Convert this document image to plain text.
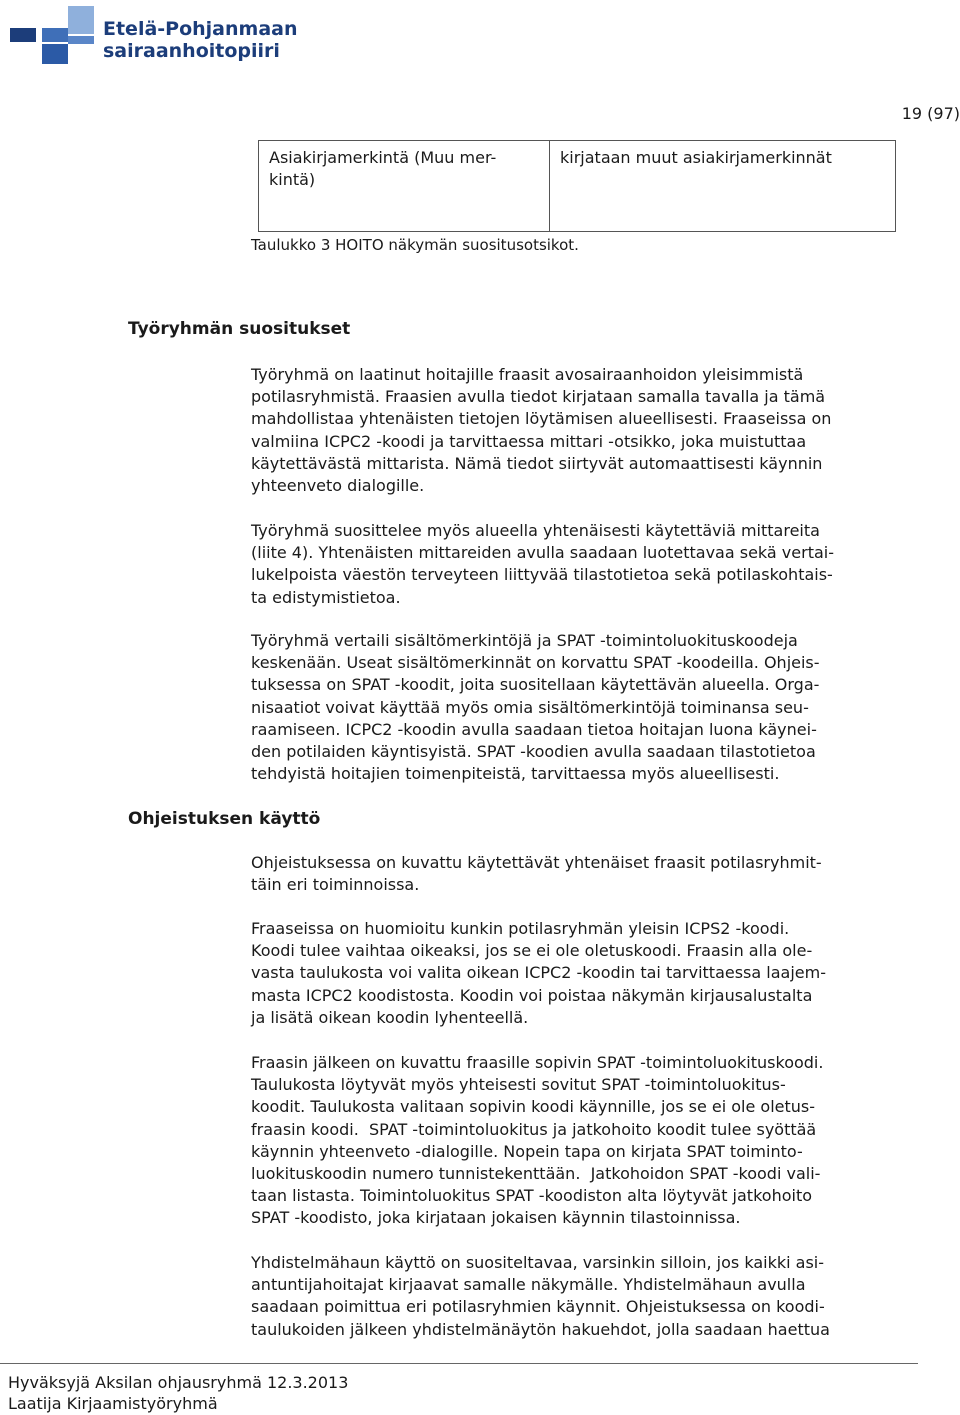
Etelä-Pohjanmaan
sairaanhoitopiiri
19 (97)
Asiakirjamerkintä (Muu mer-
kintä)
	kirjataan muut asiakirjamerkinnät
Taulukko 3 HOITO näkymän suositusotsikot.
Työryhmän suositukset
Ohjeistuksen käyttö

Työryhmä on laatinut hoitajille fraasit avosairaanhoidon yleisimmistä

potilasryhmistä. Fraasien avulla tiedot kirjataan samalla tavalla ja tämä

mahdollistaa yhtenäisten tietojen löytämisen alueellisesti. Fraaseissa on

valmiina ICPC2 -koodi ja tarvittaessa mittari -otsikko, joka muistuttaa

käytettävästä mittarista. Nämä tiedot siirtyvät automaattisesti käynnin

yhteenveto dialogille.

Työryhmä suosittelee myös alueella yhtenäisesti käytettäviä mittareita

(liite 4). Yhtenäisten mittareiden avulla saadaan luotettavaa sekä vertai-

lukelpoista väestön terveyteen liittyvää tilastotietoa sekä potilaskohtais-

ta edistymistietoa.

Työryhmä vertaili sisältömerkintöjä ja SPAT -toimintoluokituskoodeja

keskenään. Useat sisältömerkinnät on korvattu SPAT -koodeilla. Ohjeis-

tuksessa on SPAT -koodit, joita suositellaan käytettävän alueella. Orga-

nisaatiot voivat käyttää myös omia sisältömerkintöjä toiminansa seu-

raamiseen. ICPC2 -koodin avulla saadaan tietoa hoitajan luona käynei-

den potilaiden käyntisyistä. SPAT -koodien avulla saadaan tilastotietoa

tehdyistä hoitajien toimenpiteistä, tarvittaessa myös alueellisesti.

Ohjeistuksessa on kuvattu käytettävät yhtenäiset fraasit potilasryhmit-

täin eri toiminnoissa.

Fraaseissa on huomioitu kunkin potilasryhmän yleisin ICPS2 -koodi.

Koodi tulee vaihtaa oikeaksi, jos se ei ole oletuskoodi. Fraasin alla ole-

vasta taulukosta voi valita oikean ICPC2 -koodin tai tarvittaessa laajem-

masta ICPC2 koodistosta. Koodin voi poistaa näkymän kirjausalustalta

ja lisätä oikean koodin lyhenteellä.

Fraasin jälkeen on kuvattu fraasille sopivin SPAT -toimintoluokituskoodi.

Taulukosta löytyvät myös yhteisesti sovitut SPAT -toimintoluokitus-

koodit. Taulukosta valitaan sopivin koodi käynnille, jos se ei ole oletus-

fraasin koodi.  SPAT -toimintoluokitus ja jatkohoito koodit tulee syöttää

käynnin yhteenveto -dialogille. Nopein tapa on kirjata SPAT toiminto-

luokituskoodin numero tunnistekenttään.  Jatkohoidon SPAT -koodi vali-

taan listasta. Toimintoluokitus SPAT -koodiston alta löytyvät jatkohoito

SPAT -koodisto, joka kirjataan jokaisen käynnin tilastoinnissa.

Yhdistelmähaun käyttö on suositeltavaa, varsinkin silloin, jos kaikki asi-

antuntijahoitajat kirjaavat samalle näkymälle. Yhdistelmähaun avulla

saadaan poimittua eri potilasryhmien käynnit. Ohjeistuksessa on koodi-

taulukoiden jälkeen yhdistelmänäytön hakuehdot, jolla saadaan haettua

Hyväksyjä Aksilan ohjausryhmä 12.3.2013
Laatija Kirjaamistyöryhmä
